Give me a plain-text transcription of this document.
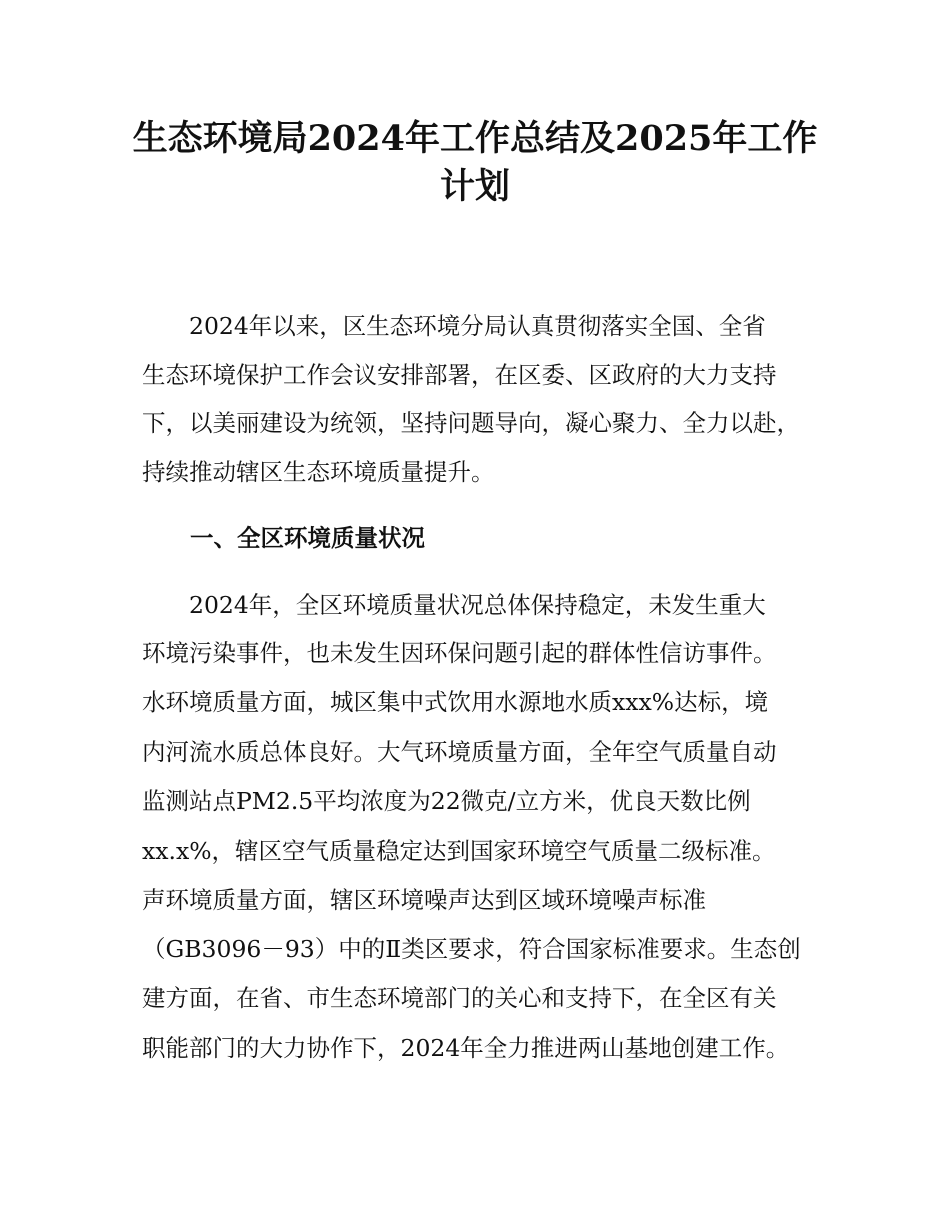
生态环境局2024年工作总结及2025年工作
计划
2024年以来，区生态环境分局认真贯彻落实全国、全省
生态环境保护工作会议安排部署，在区委、区政府的大力支持
下，以美丽建设为统领，坚持问题导向，凝心聚力、全力以赴，
持续推动辖区生态环境质量提升。
一、全区环境质量状况
2024年，全区环境质量状况总体保持稳定，未发生重大
环境污染事件，也未发生因环保问题引起的群体性信访事件。
水环境质量方面，城区集中式饮用水源地水质xxx%达标，境
内河流水质总体良好。大气环境质量方面，全年空气质量自动
监测站点PM2.5平均浓度为22微克/立方米，优良天数比例
xx.x%，辖区空气质量稳定达到国家环境空气质量二级标准。
声环境质量方面，辖区环境噪声达到区域环境噪声标准
（GB3096－93）中的Ⅱ类区要求，符合国家标准要求。生态创
建方面，在省、市生态环境部门的关心和支持下，在全区有关
职能部门的大力协作下，2024年全力推进两山基地创建工作。
